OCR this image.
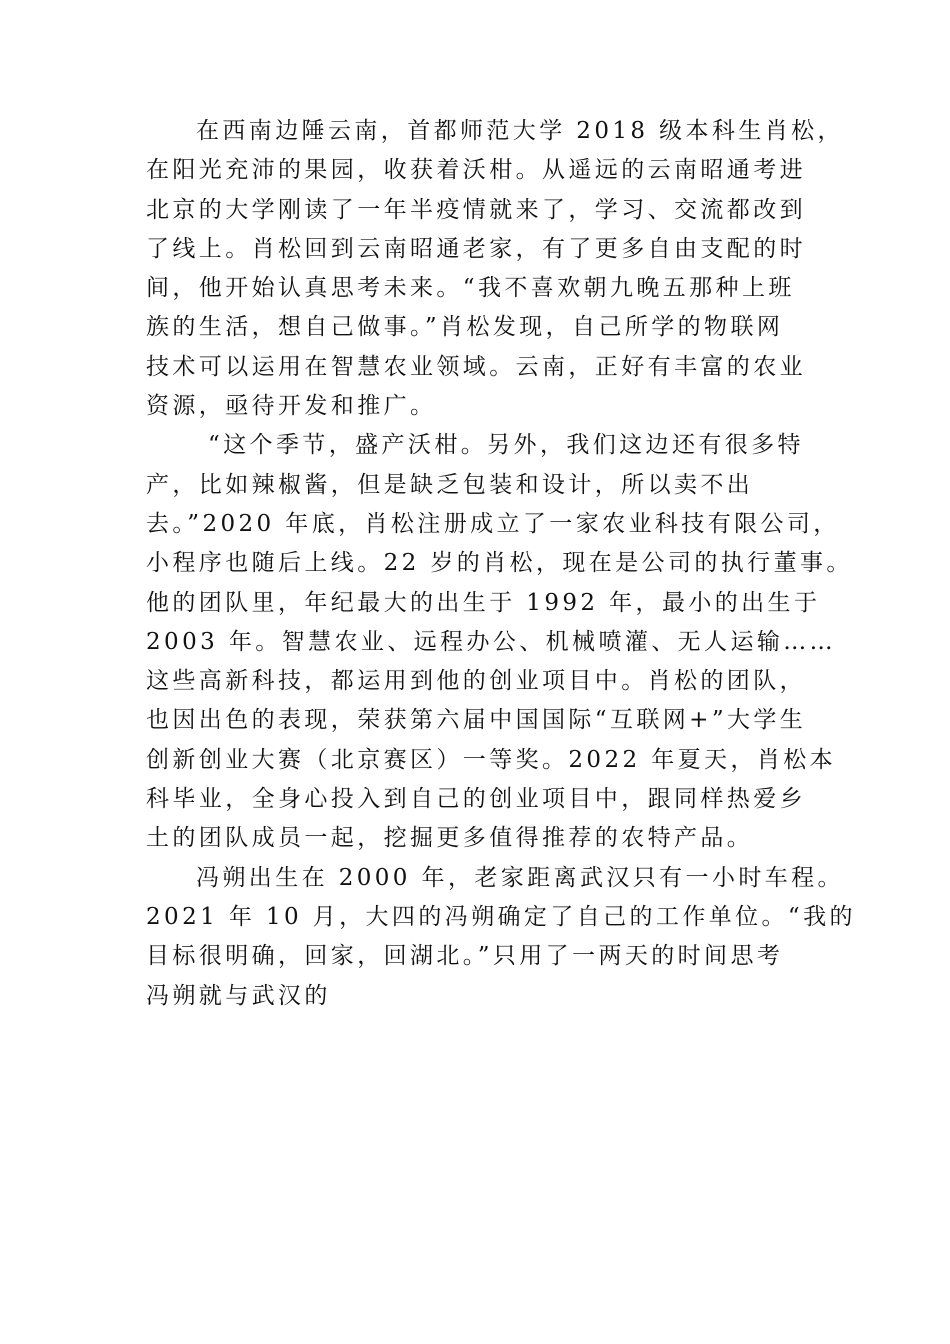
在西南边陲云南，首都师范大学 2018 级本科生肖松，
在阳光充沛的果园，收获着沃柑。从遥远的云南昭通考进
北京的大学刚读了一年半疫情就来了，学习、交流都改到
了线上。肖松回到云南昭通老家，有了更多自由支配的时
间，他开始认真思考未来。“我不喜欢朝九晚五那种上班
族的生活，想自己做事。”肖松发现，自己所学的物联网
技术可以运用在智慧农业领域。云南，正好有丰富的农业
资源，亟待开发和推广。
“这个季节，盛产沃柑。另外，我们这边还有很多特
产，比如辣椒酱，但是缺乏包装和设计，所以卖不出
去。”2020 年底，肖松注册成立了一家农业科技有限公司，
小程序也随后上线。22 岁的肖松，现在是公司的执行董事。
他的团队里，年纪最大的出生于 1992 年，最小的出生于
2003 年。智慧农业、远程办公、机械喷灌、无人运输……
这些高新科技，都运用到他的创业项目中。肖松的团队，
也因出色的表现，荣获第六届中国国际“互联网+”大学生
创新创业大赛（北京赛区）一等奖。2022 年夏天，肖松本
科毕业，全身心投入到自己的创业项目中，跟同样热爱乡
土的团队成员一起，挖掘更多值得推荐的农特产品。
冯朔出生在 2000 年，老家距离武汉只有一小时车程。
2021 年 10 月，大四的冯朔确定了自己的工作单位。“我的
目标很明确，回家，回湖北。”只用了一两天的时间思考
冯朔就与武汉的
